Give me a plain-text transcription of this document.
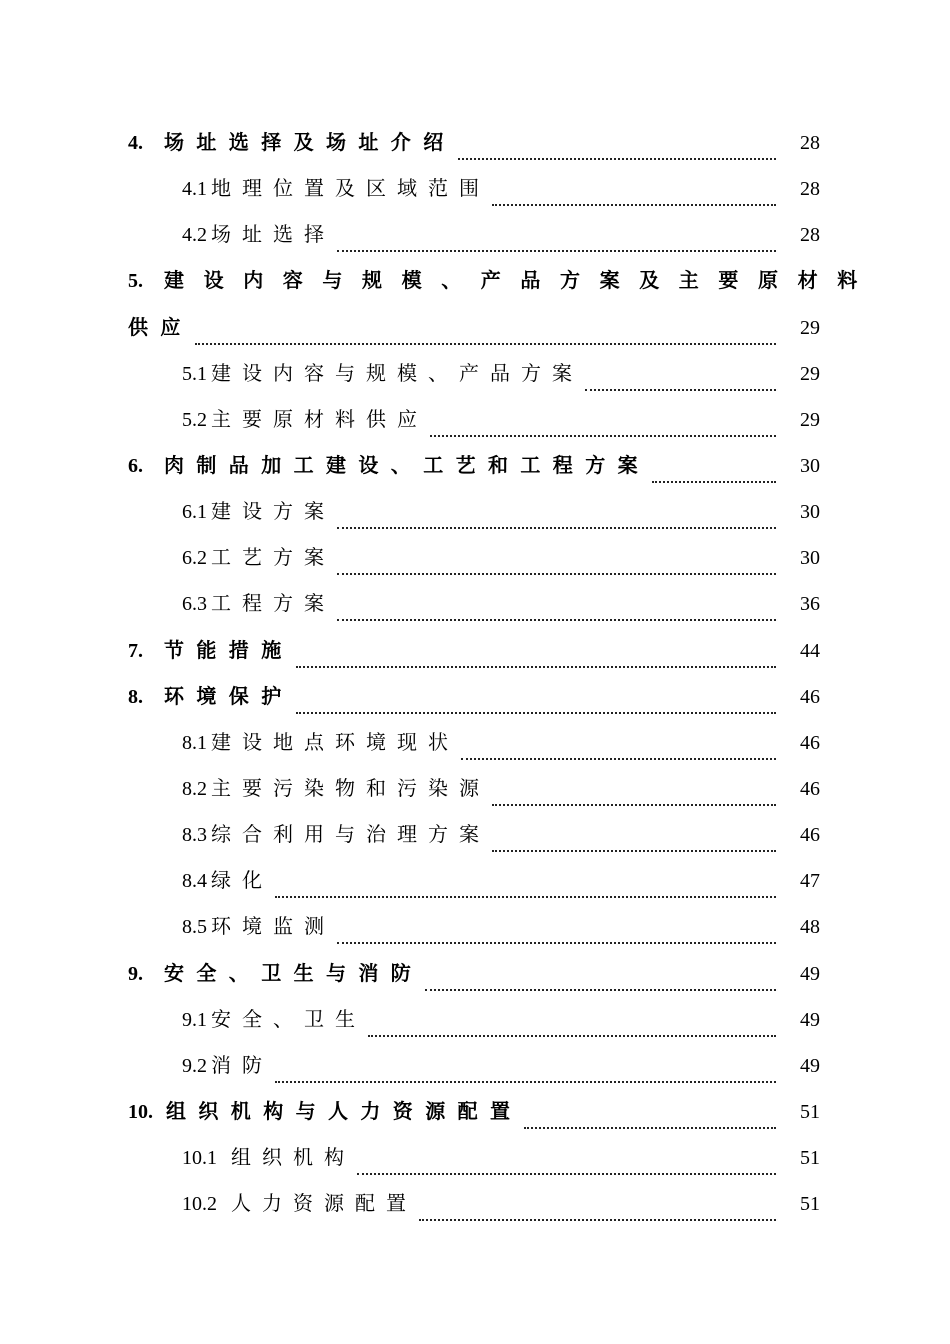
4.	场址选择及场址介绍	28
4.1 地理位置及区域范围	28
4.2 场址选择	28
5.	建设内容与规模、产品方案及主要原材料
供应	29
5.1 建设内容与规模、产品方案	29
5.2 主要原材料供应	29
6.	肉制品加工建设、工艺和工程方案	30
6.1 建设方案	30
6.2 工艺方案	30
6.3 工程方案	36
7.	节能措施	44
8.	环境保护	46
8.1 建设地点环境现状	46
8.2 主要污染物和污染源	46
8.3 综合利用与治理方案	46
8.4 绿化	47
8.5 环境监测	48
9.	安全、卫生与消防	49
9.1 安全、卫生	49
9.2 消防	49
10. 组织机构与人力资源配置	51
10.1 组织机构	51
10.2 人力资源配置	51
